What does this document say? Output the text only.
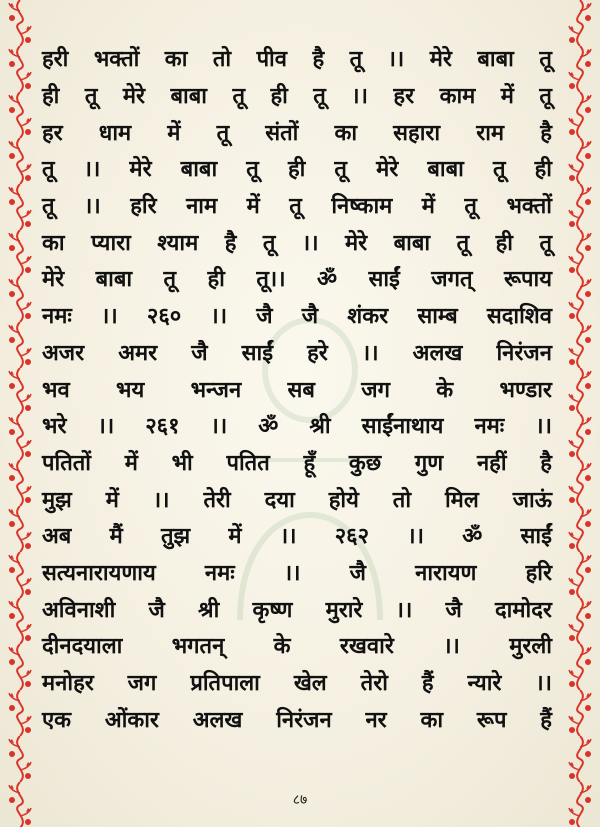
हरी भक्तों का तो पीव है तू ।। मेरे बाबा तू
ही तू मेरे बाबा तू ही तू ।। हर काम में तू
हर धाम में तू संतों का सहारा राम है
तू ।। मेरे बाबा तू ही तू मेरे बाबा तू ही
तू ।। हरि नाम में तू निष्काम में तू भक्तों
का प्यारा श्याम है तू ।। मेरे बाबा तू ही तू
मेरे बाबा तू ही तू।। ॐ साईं जगत् रूपाय
नमः ।। २६० ।। जै जै शंकर साम्ब सदाशिव
अजर अमर जै साईं हरे ।। अलख निरंजन
भव भय भन्जन सब जग के भण्डार
भरे ।। २६१ ।। ॐ श्री साईंनाथाय नमः ।।
पतितों में भी पतित हूँ कुछ गुण नहीं है
मुझ में ।। तेरी दया होये तो मिल जाऊं
अब मैं तुझ में ।। २६२ ।। ॐ साईं
सत्यनारायणाय नमः ।। जै नारायण हरि
अविनाशी जै श्री कृष्ण मुरारे ।। जै दामोदर
दीनदयाला भगतन् के रखवारे ।। मुरली
मनोहर जग प्रतिपाला खेल तेरो हैं न्यारे ।।
एक ओंकार अलख निरंजन नर का रूप हैं
८७
